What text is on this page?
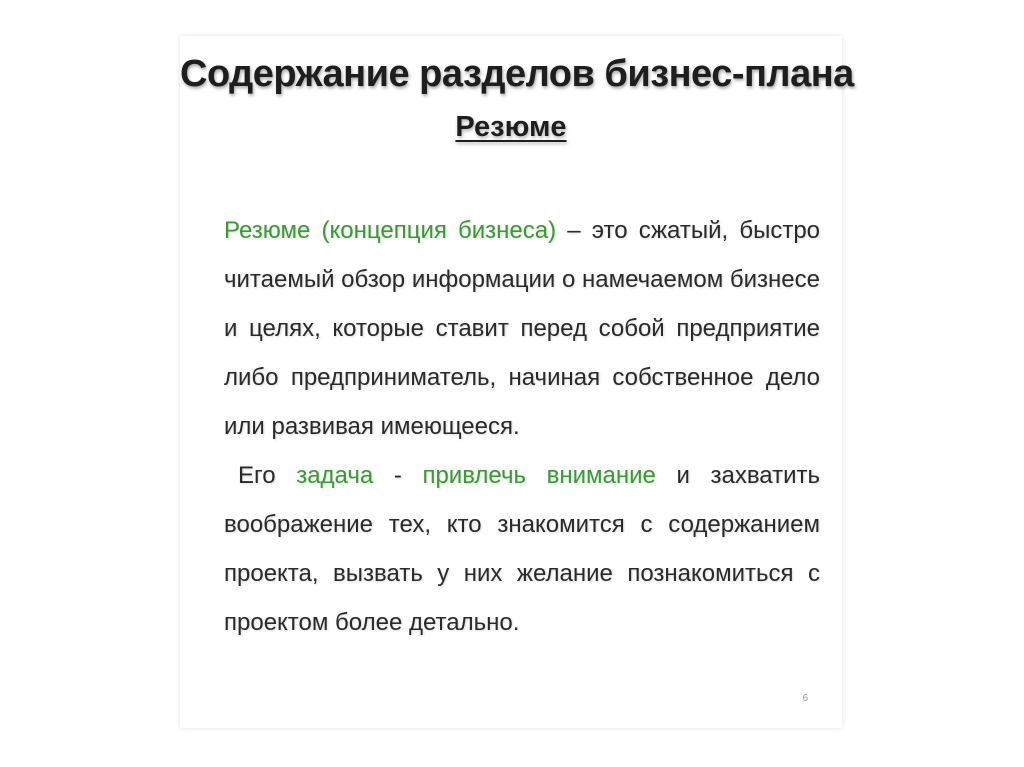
Содержание разделов бизнес-плана
Резюме

Резюме (концепция бизнеса) – это сжатый, быстро читаемый обзор информации о намечаемом бизнесе и целях, которые ставит перед собой предприятие либо предприниматель, начиная собственное дело или развивая имеющееся.

Его задача - привлечь внимание и захватить воображение тех, кто знакомится с содержанием проекта, вызвать у них желание познакомиться с проектом более детально.

6
